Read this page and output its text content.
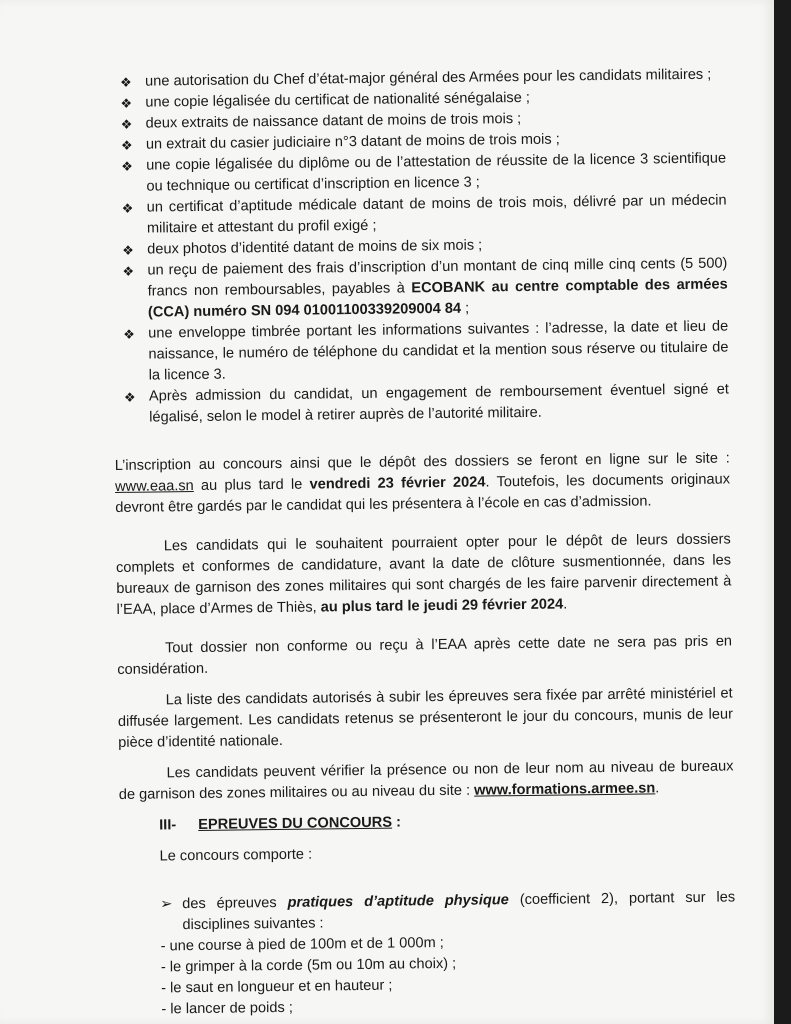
❖ une autorisation du Chef d’état-major général des Armées pour les candidats militaires ;
❖ une copie légalisée du certificat de nationalité sénégalaise ;
❖ deux extraits de naissance datant de moins de trois mois ;
❖ un extrait du casier judiciaire n°3 datant de moins de trois mois ;
❖ une copie légalisée du diplôme ou de l’attestation de réussite de la licence 3 scientifique ou technique ou certificat d’inscription en licence 3 ;
❖ un certificat d’aptitude médicale datant de moins de trois mois, délivré par un médecin militaire et attestant du profil exigé ;
❖ deux photos d’identité datant de moins de six mois ;
❖ un reçu de paiement des frais d’inscription d’un montant de cinq mille cinq cents (5 500) francs non remboursables, payables à ECOBANK au centre comptable des armées (CCA) numéro SN 094 01001100339209004 84 ;
❖ une enveloppe timbrée portant les informations suivantes : l’adresse, la date et lieu de naissance, le numéro de téléphone du candidat et la mention sous réserve ou titulaire de la licence 3.
❖ Après admission du candidat, un engagement de remboursement éventuel signé et légalisé, selon le model à retirer auprès de l’autorité militaire.

L’inscription au concours ainsi que le dépôt des dossiers se feront en ligne sur le site : www.eaa.sn au plus tard le vendredi 23 février 2024. Toutefois, les documents originaux devront être gardés par le candidat qui les présentera à l’école en cas d’admission.

Les candidats qui le souhaitent pourraient opter pour le dépôt de leurs dossiers complets et conformes de candidature, avant la date de clôture susmentionnée, dans les bureaux de garnison des zones militaires qui sont chargés de les faire parvenir directement à l’EAA, place d’Armes de Thiès, au plus tard le jeudi 29 février 2024.

Tout dossier non conforme ou reçu à l’EAA après cette date ne sera pas pris en considération.

La liste des candidats autorisés à subir les épreuves sera fixée par arrêté ministériel et diffusée largement. Les candidats retenus se présenteront le jour du concours, munis de leur pièce d’identité nationale.

Les candidats peuvent vérifier la présence ou non de leur nom au niveau de bureaux de garnison des zones militaires ou au niveau du site : www.formations.armee.sn.

III- EPREUVES DU CONCOURS :

Le concours comporte :

➢ des épreuves pratiques d’aptitude physique (coefficient 2), portant sur les disciplines suivantes :

- une course à pied de 100m et de 1 000m ;
- le grimper à la corde (5m ou 10m au choix) ;
- le saut en longueur et en hauteur ;
- le lancer de poids ;
